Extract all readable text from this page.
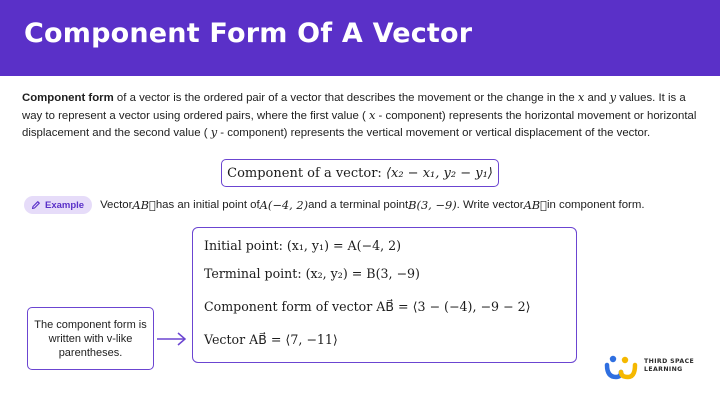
Component Form Of A Vector

Component form of a vector is the ordered pair of a vector that describes the movement or the change in the x and y values. It is a way to represent a vector using ordered pairs, where the first value ( x - component) represents the horizontal movement or horizontal displacement and the second value ( y - component) represents the vertical movement or vertical displacement of the vector.

Component of a vector:
⟨x₂ − x₁, y₂ − y₁⟩
Example Vector AB⃗ has an initial point of A(−4, 2) and a terminal point B(3, −9) . Write vector AB⃗ in component form.
Initial point: (x₁, y₁) = A(−4, 2)
Terminal point: (x₂, y₂) = B(3, −9)
Component form of vector AB⃗ = ⟨3 − (−4), −9 − 2⟩
Vector AB⃗ = ⟨7, −11⟩
The component form is written with v-like parentheses.
THIRD SPACE
LEARNING
